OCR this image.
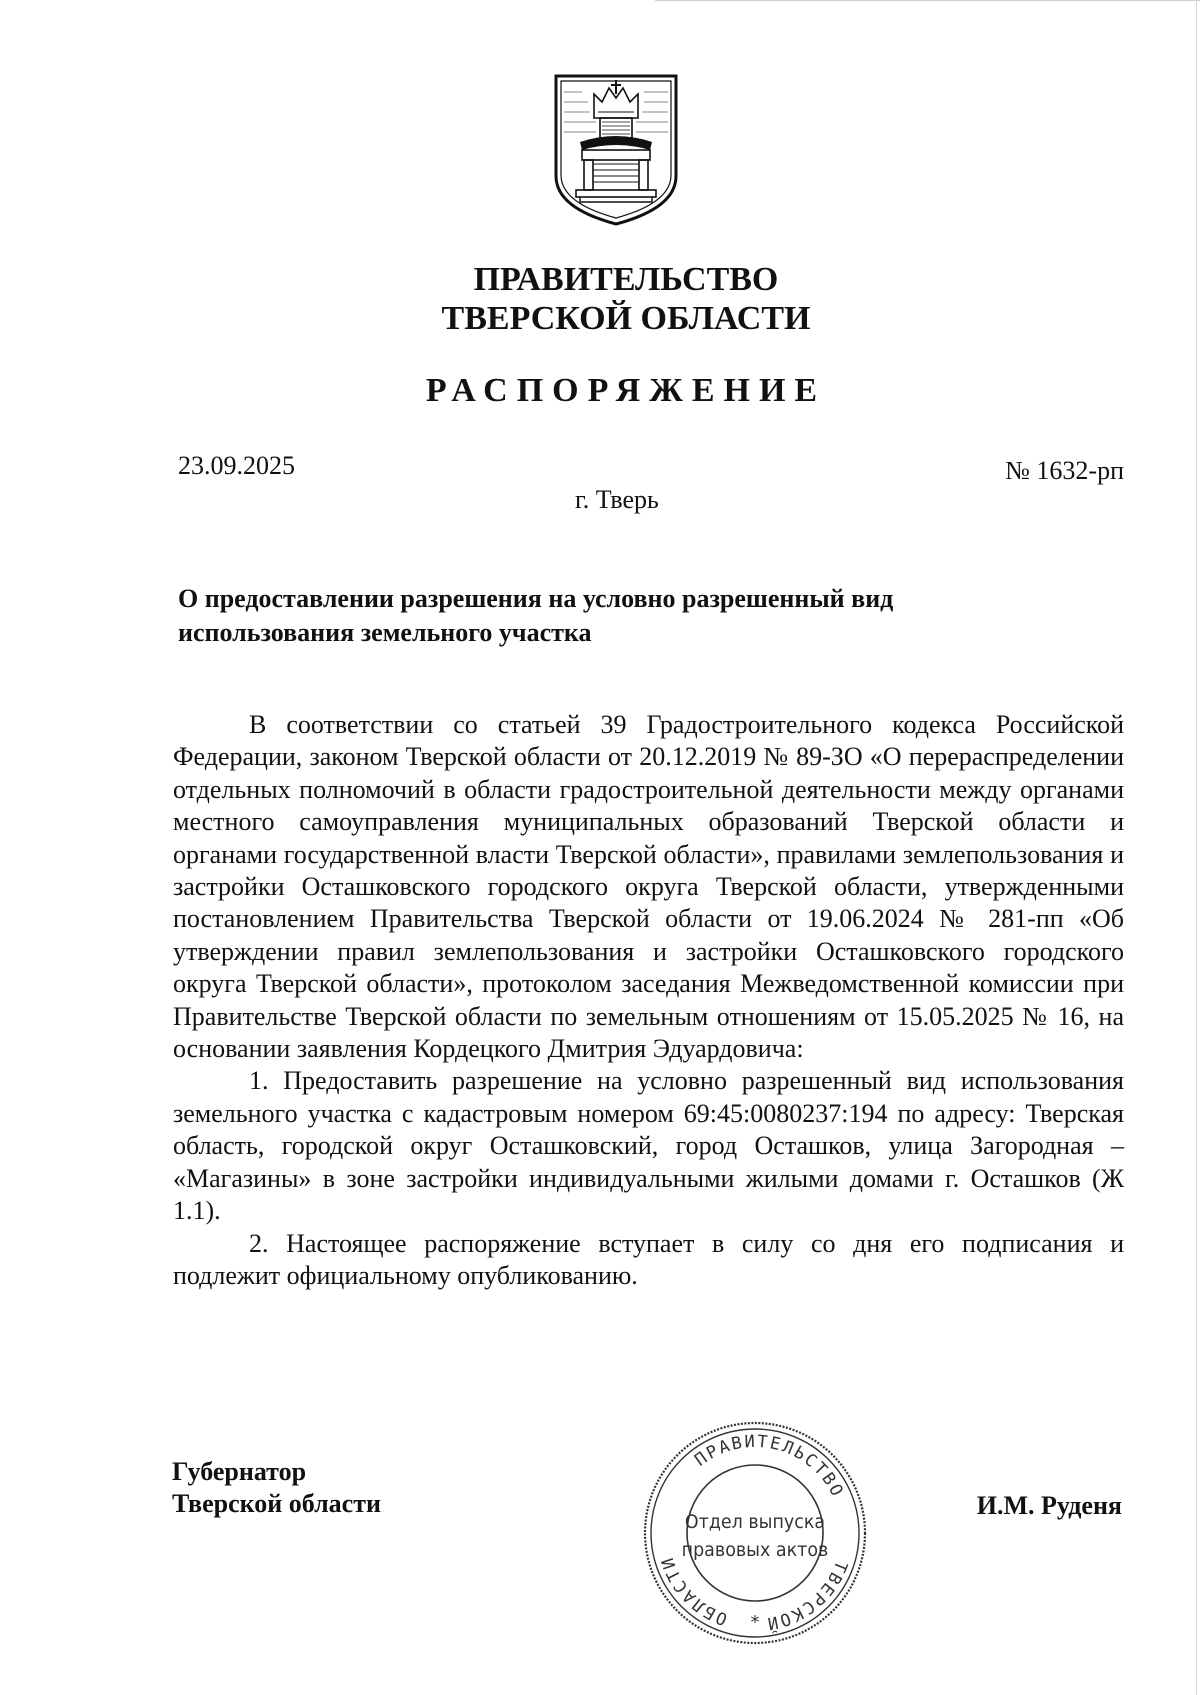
ПРАВИТЕЛЬСТВО
ТВЕРСКОЙ ОБЛАСТИ
РАСПОРЯЖЕНИЕ
23.09.2025	№ 1632-рп
г. Тверь
О предоставлении разрешения на условно разрешенный вид использования земельного участка

В соответствии со статьей 39 Градостроительного кодекса Российской Федерации, законом Тверской области от 20.12.2019 № 89-ЗО «О перераспределении отдельных полномочий в области градостроительной деятельности между органами местного самоуправления муниципальных образований Тверской области и органами государственной власти Тверской области», правилами землепользования и застройки Осташковского городского округа Тверской области, утвержденными постановлением Правительства Тверской области от 19.06.2024 № 281-пп «Об утверждении правил землепользования и застройки Осташковского городского округа Тверской области», протоколом заседания Межведомственной комиссии при Правительстве Тверской области по земельным отношениям от 15.05.2025 № 16, на основании заявления Кордецкого Дмитрия Эдуардовича:

1. Предоставить разрешение на условно разрешенный вид использования земельного участка с кадастровым номером 69:45:0080237:194 по адресу: Тверская область, городской округ Осташковский, город Осташков, улица Загородная – «Магазины» в зоне застройки индивидуальными жилыми домами г. Осташков (Ж 1.1).

2. Настоящее распоряжение вступает в силу со дня его подписания и подлежит официальному опубликованию.

Губернатор
Тверской области	И.М. Руденя
ТВЕРСКОЙ
ОБЛАСТИ
ПРАВИТЕЛЬСТВО
Отдел выпуска
правовых актов
*
